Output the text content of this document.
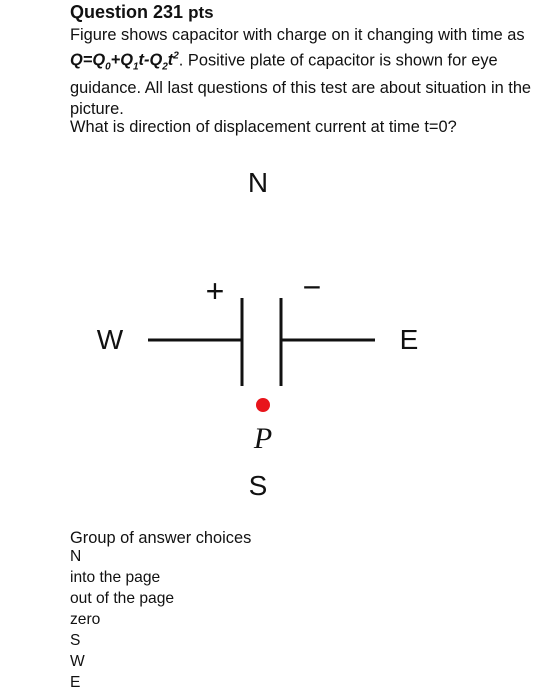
Question 231 pts
Figure shows capacitor with charge on it changing with time as $Q=Q_0+Q_1t-Q_2t^2$. Positive plate of capacitor is shown for eye guidance. All last questions of this test are about situation in the picture.
What is direction of displacement current at time t=0?
N
S
W	E
+ −
P
Group of answer choices
N
into the page
out of the page
zero
S
W
E
